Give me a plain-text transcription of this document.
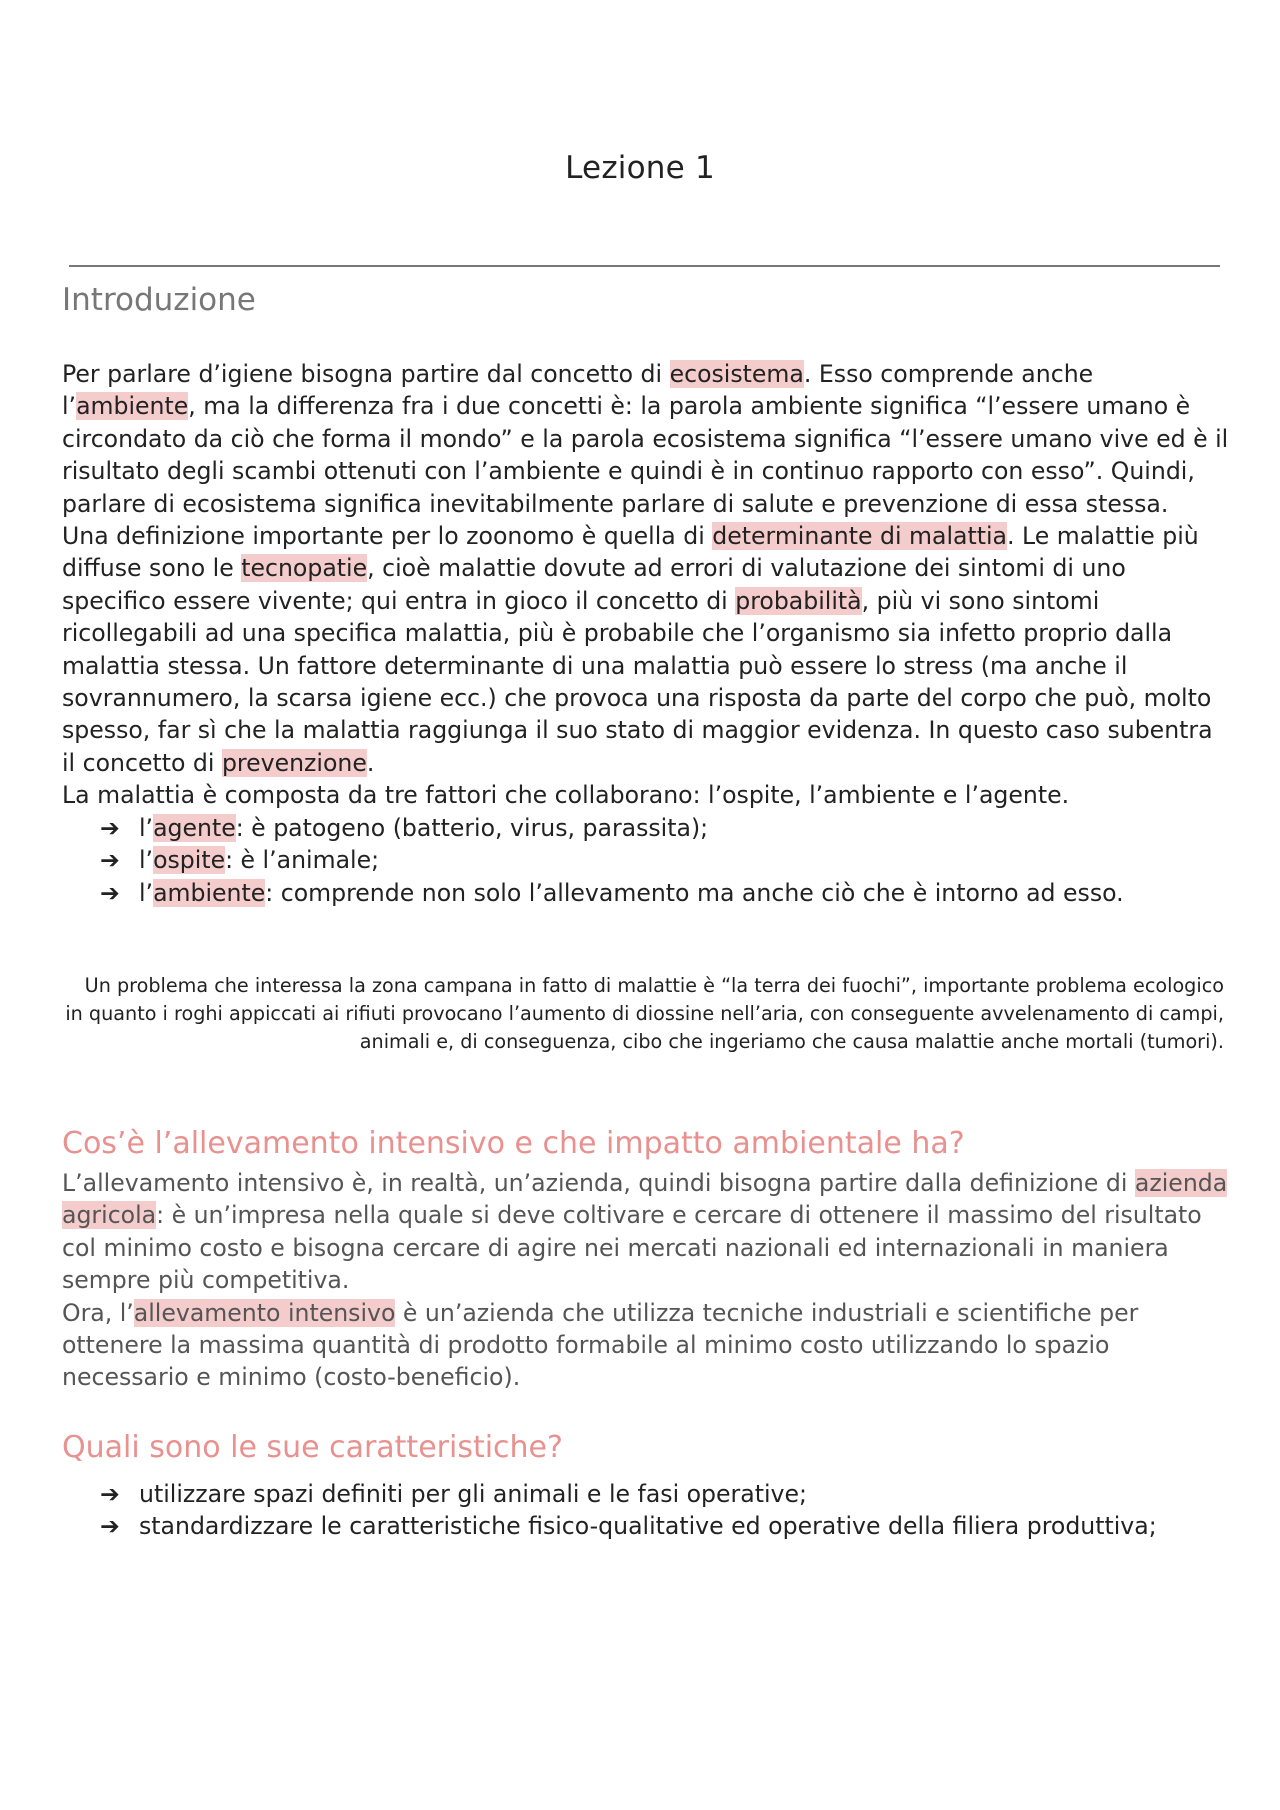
Lezione 1
Introduzione

Per parlare d’igiene bisogna partire dal concetto di ecosistema. Esso comprende anche l’ambiente, ma la differenza fra i due concetti è: la parola ambiente significa “l’essere umano è circondato da ciò che forma il mondo” e la parola ecosistema significa “l’essere umano vive ed è il risultato degli scambi ottenuti con l’ambiente e quindi è in continuo rapporto con esso”. Quindi, parlare di ecosistema significa inevitabilmente parlare di salute e prevenzione di essa stessa.

Una definizione importante per lo zoonomo è quella di determinante di malattia. Le malattie più diffuse sono le tecnopatie, cioè malattie dovute ad errori di valutazione dei sintomi di uno specifico essere vivente; qui entra in gioco il concetto di probabilità, più vi sono sintomi ricollegabili ad una specifica malattia, più è probabile che l’organismo sia infetto proprio dalla malattia stessa. Un fattore determinante di una malattia può essere lo stress (ma anche il sovrannumero, la scarsa igiene ecc.) che provoca una risposta da parte del corpo che può, molto spesso, far sì che la malattia raggiunga il suo stato di maggior evidenza. In questo caso subentra il concetto di prevenzione.

La malattia è composta da tre fattori che collaborano: l’ospite, l’ambiente e l’agente.

➔ l’agente: è patogeno (batterio, virus, parassita);
➔ l’ospite: è l’animale;
➔ l’ambiente: comprende non solo l’allevamento ma anche ciò che è intorno ad esso.
Un problema che interessa la zona campana in fatto di malattie è “la terra dei fuochi”, importante problema ecologico in quanto i roghi appiccati ai rifiuti provocano l’aumento di diossine nell’aria, con conseguente avvelenamento di campi, animali e, di conseguenza, cibo che ingeriamo che causa malattie anche mortali (tumori).
Cos’è l’allevamento intensivo e che impatto ambientale ha?

L’allevamento intensivo è, in realtà, un’azienda, quindi bisogna partire dalla definizione di azienda agricola: è un’impresa nella quale si deve coltivare e cercare di ottenere il massimo del risultato col minimo costo e bisogna cercare di agire nei mercati nazionali ed internazionali in maniera sempre più competitiva.

Ora, l’allevamento intensivo è un’azienda che utilizza tecniche industriali e scientifiche per ottenere la massima quantità di prodotto formabile al minimo costo utilizzando lo spazio necessario e minimo (costo-beneficio).

Quali sono le sue caratteristiche?
➔ utilizzare spazi definiti per gli animali e le fasi operative;
➔ standardizzare le caratteristiche fisico-qualitative ed operative della filiera produttiva;
